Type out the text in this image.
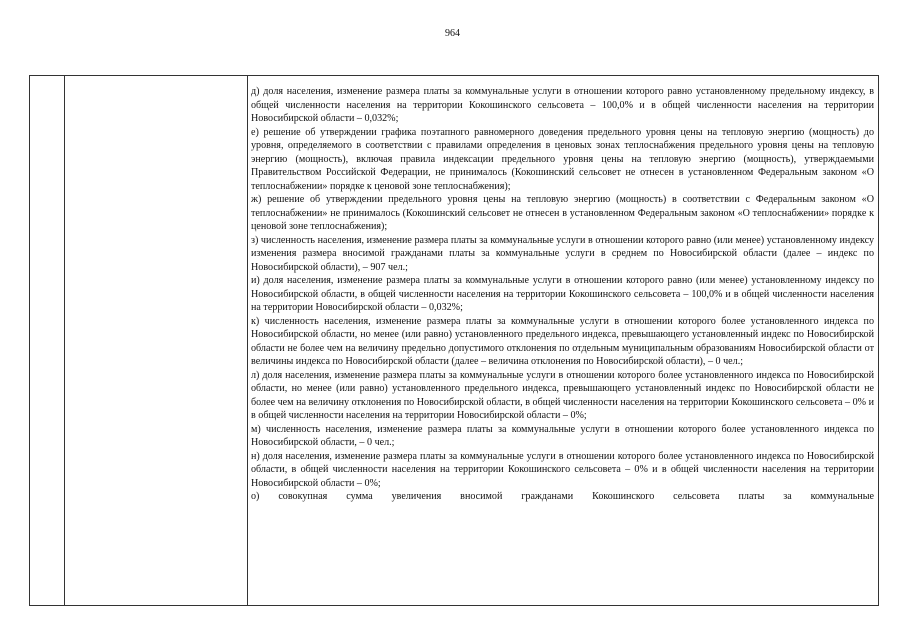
964

д) доля населения, изменение размера платы за коммунальные услуги в отношении которого равно установленному предельному индексу, в общей численности населения на территории Кокошинского сельсовета – 100,0% и в общей численности населения на территории Новосибирской области – 0,032%;

е) решение об утверждении графика поэтапного равномерного доведения предельного уровня цены на тепловую энергию (мощность) до уровня, определяемого в соответствии с правилами определения в ценовых зонах теплоснабжения предельного уровня цены на тепловую энергию (мощность), включая правила индексации предельного уровня цены на тепловую энергию (мощность), утверждаемыми Правительством Российской Федерации, не принималось (Кокошинский сельсовет не отнесен в установленном Федеральным законом «О теплоснабжении» порядке к ценовой зоне теплоснабжения);

ж) решение об утверждении предельного уровня цены на тепловую энергию (мощность) в соответствии с Федеральным законом «О теплоснабжении» не принималось (Кокошинский сельсовет не отнесен в установленном Федеральным законом «О теплоснабжении» порядке к ценовой зоне теплоснабжения);

з) численность населения, изменение размера платы за коммунальные услуги в отношении которого равно (или менее) установленному индексу изменения размера вносимой гражданами платы за коммунальные услуги в среднем по Новосибирской области (далее – индекс по Новосибирской области), – 907 чел.;

и) доля населения, изменение размера платы за коммунальные услуги в отношении которого равно (или менее) установленному индексу по Новосибирской области, в общей численности населения на территории Кокошинского сельсовета – 100,0% и в общей численности населения на территории Новосибирской области – 0,032%;

к) численность населения, изменение размера платы за коммунальные услуги в отношении которого более установленного индекса по Новосибирской области, но менее (или равно) установленного предельного индекса, превышающего установленный индекс по Новосибирской области не более чем на величину предельно допустимого отклонения по отдельным муниципальным образованиям Новосибирской области от величины индекса по Новосибирской области (далее – величина отклонения по Новосибирской области), – 0 чел.;

л) доля населения, изменение размера платы за коммунальные услуги в отношении которого более установленного индекса по Новосибирской области, но менее (или равно) установленного предельного индекса, превышающего установленный индекс по Новосибирской области не более чем на величину отклонения по Новосибирской области, в общей численности населения на территории Кокошинского сельсовета – 0% и в общей численности населения на территории Новосибирской области – 0%;

м) численность населения, изменение размера платы за коммунальные услуги в отношении которого более установленного индекса по Новосибирской области, – 0 чел.;

н) доля населения, изменение размера платы за коммунальные услуги в отношении которого более установленного индекса по Новосибирской области, в общей численности населения на территории Кокошинского сельсовета – 0% и в общей численности населения на территории Новосибирской области – 0%;

о) совокупная сумма увеличения вносимой гражданами Кокошинского сельсовета платы за коммунальные
